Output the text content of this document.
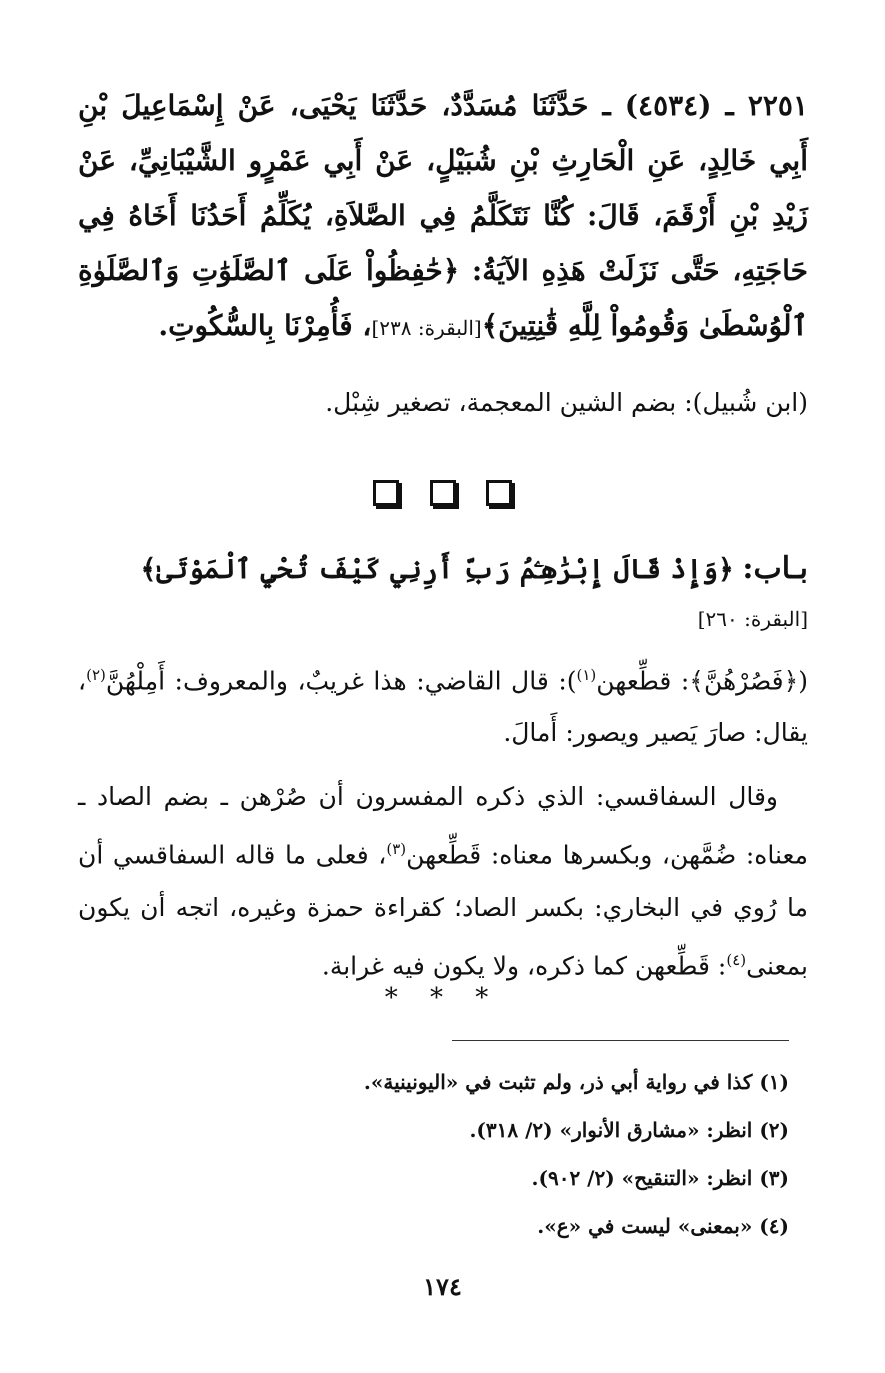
٢٢٥١ ـ (٤٥٣٤) ـ حَدَّثَنَا مُسَدَّدٌ، حَدَّثَنَا يَحْيَى، عَنْ إِسْمَاعِيلَ بْنِ أَبِي خَالِدٍ، عَنِ الْحَارِثِ بْنِ شُبَيْلٍ، عَنْ أَبِي عَمْرٍو الشَّيْبَانِيِّ، عَنْ زَيْدِ بْنِ أَرْقَمَ، قَالَ: كُنَّا نَتَكَلَّمُ فِي الصَّلاَةِ، يُكَلِّمُ أَحَدُنَا أَخَاهُ فِي حَاجَتِهِ، حَتَّى نَزَلَتْ هَذِهِ الآيَةُ: ﴿حَٰفِظُواْ عَلَى ٱلصَّلَوَٰتِ وَٱلصَّلَوٰةِ ٱلْوُسْطَىٰ وَقُومُواْ لِلَّهِ قَٰنِتِينَ﴾[البقرة: ٢٣٨]، فَأُمِرْنَا بِالسُّكُوتِ.

(ابن شُبيل): بضم الشين المعجمة، تصغير شِبْل.

بـاب: ﴿وَإِذْ قَالَ إِبْرَٰهِـۧمُ رَبِّ أَرِنِي كَيْفَ تُحْيِ ٱلْمَوْتَىٰ﴾[البقرة: ٢٦٠]

(﴿فَصُرْهُنَّ﴾: قطِّعهن$^{(١)}$): قال القاضي: هذا غريبٌ، والمعروف: أَمِلْهُنَّ$^{(٢)}$، يقال: صارَ يَصير ويصور: أَمالَ.

وقال السفاقسي: الذي ذكره المفسرون أن صُرْهن ـ بضم الصاد ـ معناه: ضُمَّهن، وبكسرها معناه: قَطِّعهن$^{(٣)}$، فعلى ما قاله السفاقسي أن ما رُوي في البخاري: بكسر الصاد؛ كقراءة حمزة وغيره، اتجه أن يكون بمعنى$^{(٤)}$: قَطِّعهن كما ذكره، ولا يكون فيه غرابة.

* * *

(١) كذا في رواية أبي ذر، ولم تثبت في «اليونينية».

(٢) انظر: «مشارق الأنوار» (٢/ ٣١٨).

(٣) انظر: «التنقيح» (٢/ ٩٠٢).

(٤) «بمعنى» ليست في «ع».

١٧٤
